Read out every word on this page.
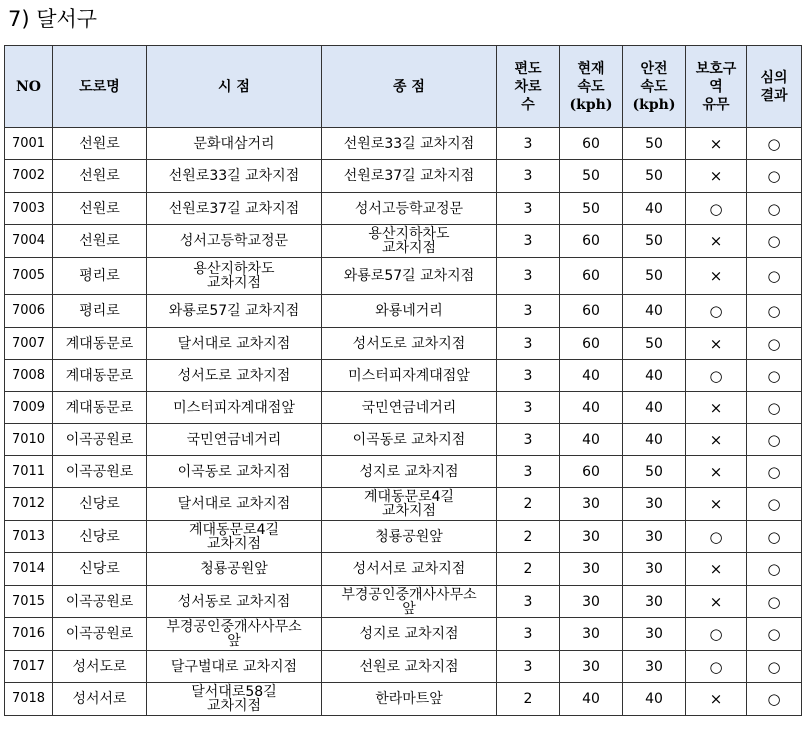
7) 달서구
NO	도로명	시 점	종 점	편도
차로
수	현재
속도
(kph)	안전
속도
(kph)	보호구
역
유무	심의
결과
7001	선원로	문화대삼거리	선원로33길 교차지점	3	60	50	×	○
7002	선원로	선원로33길 교차지점	선원로37길 교차지점	3	50	50	×	○
7003	선원로	선원로37길 교차지점	성서고등학교정문	3	50	40	○	○
7004	선원로	성서고등학교정문	용산지하차도
교차지점	3	60	50	×	○
7005	평리로	용산지하차도
교차지점	와룡로57길 교차지점	3	60	50	×	○
7006	평리로	와룡로57길 교차지점	와룡네거리	3	60	40	○	○
7007	계대동문로	달서대로 교차지점	성서도로 교차지점	3	60	50	×	○
7008	계대동문로	성서도로 교차지점	미스터피자계대점앞	3	40	40	○	○
7009	계대동문로	미스터피자계대점앞	국민연금네거리	3	40	40	×	○
7010	이곡공원로	국민연금네거리	이곡동로 교차지점	3	40	40	×	○
7011	이곡공원로	이곡동로 교차지점	성지로 교차지점	3	60	50	×	○
7012	신당로	달서대로 교차지점	계대동문로4길
교차지점	2	30	30	×	○
7013	신당로	계대동문로4길
교차지점	청룡공원앞	2	30	30	○	○
7014	신당로	청룡공원앞	성서서로 교차지점	2	30	30	×	○
7015	이곡공원로	성서동로 교차지점	부경공인중개사사무소
앞	3	30	30	×	○
7016	이곡공원로	부경공인중개사사무소
앞	성지로 교차지점	3	30	30	○	○
7017	성서도로	달구벌대로 교차지점	선원로 교차지점	3	30	30	○	○
7018	성서서로	달서대로58길
교차지점	한라마트앞	2	40	40	×	○
